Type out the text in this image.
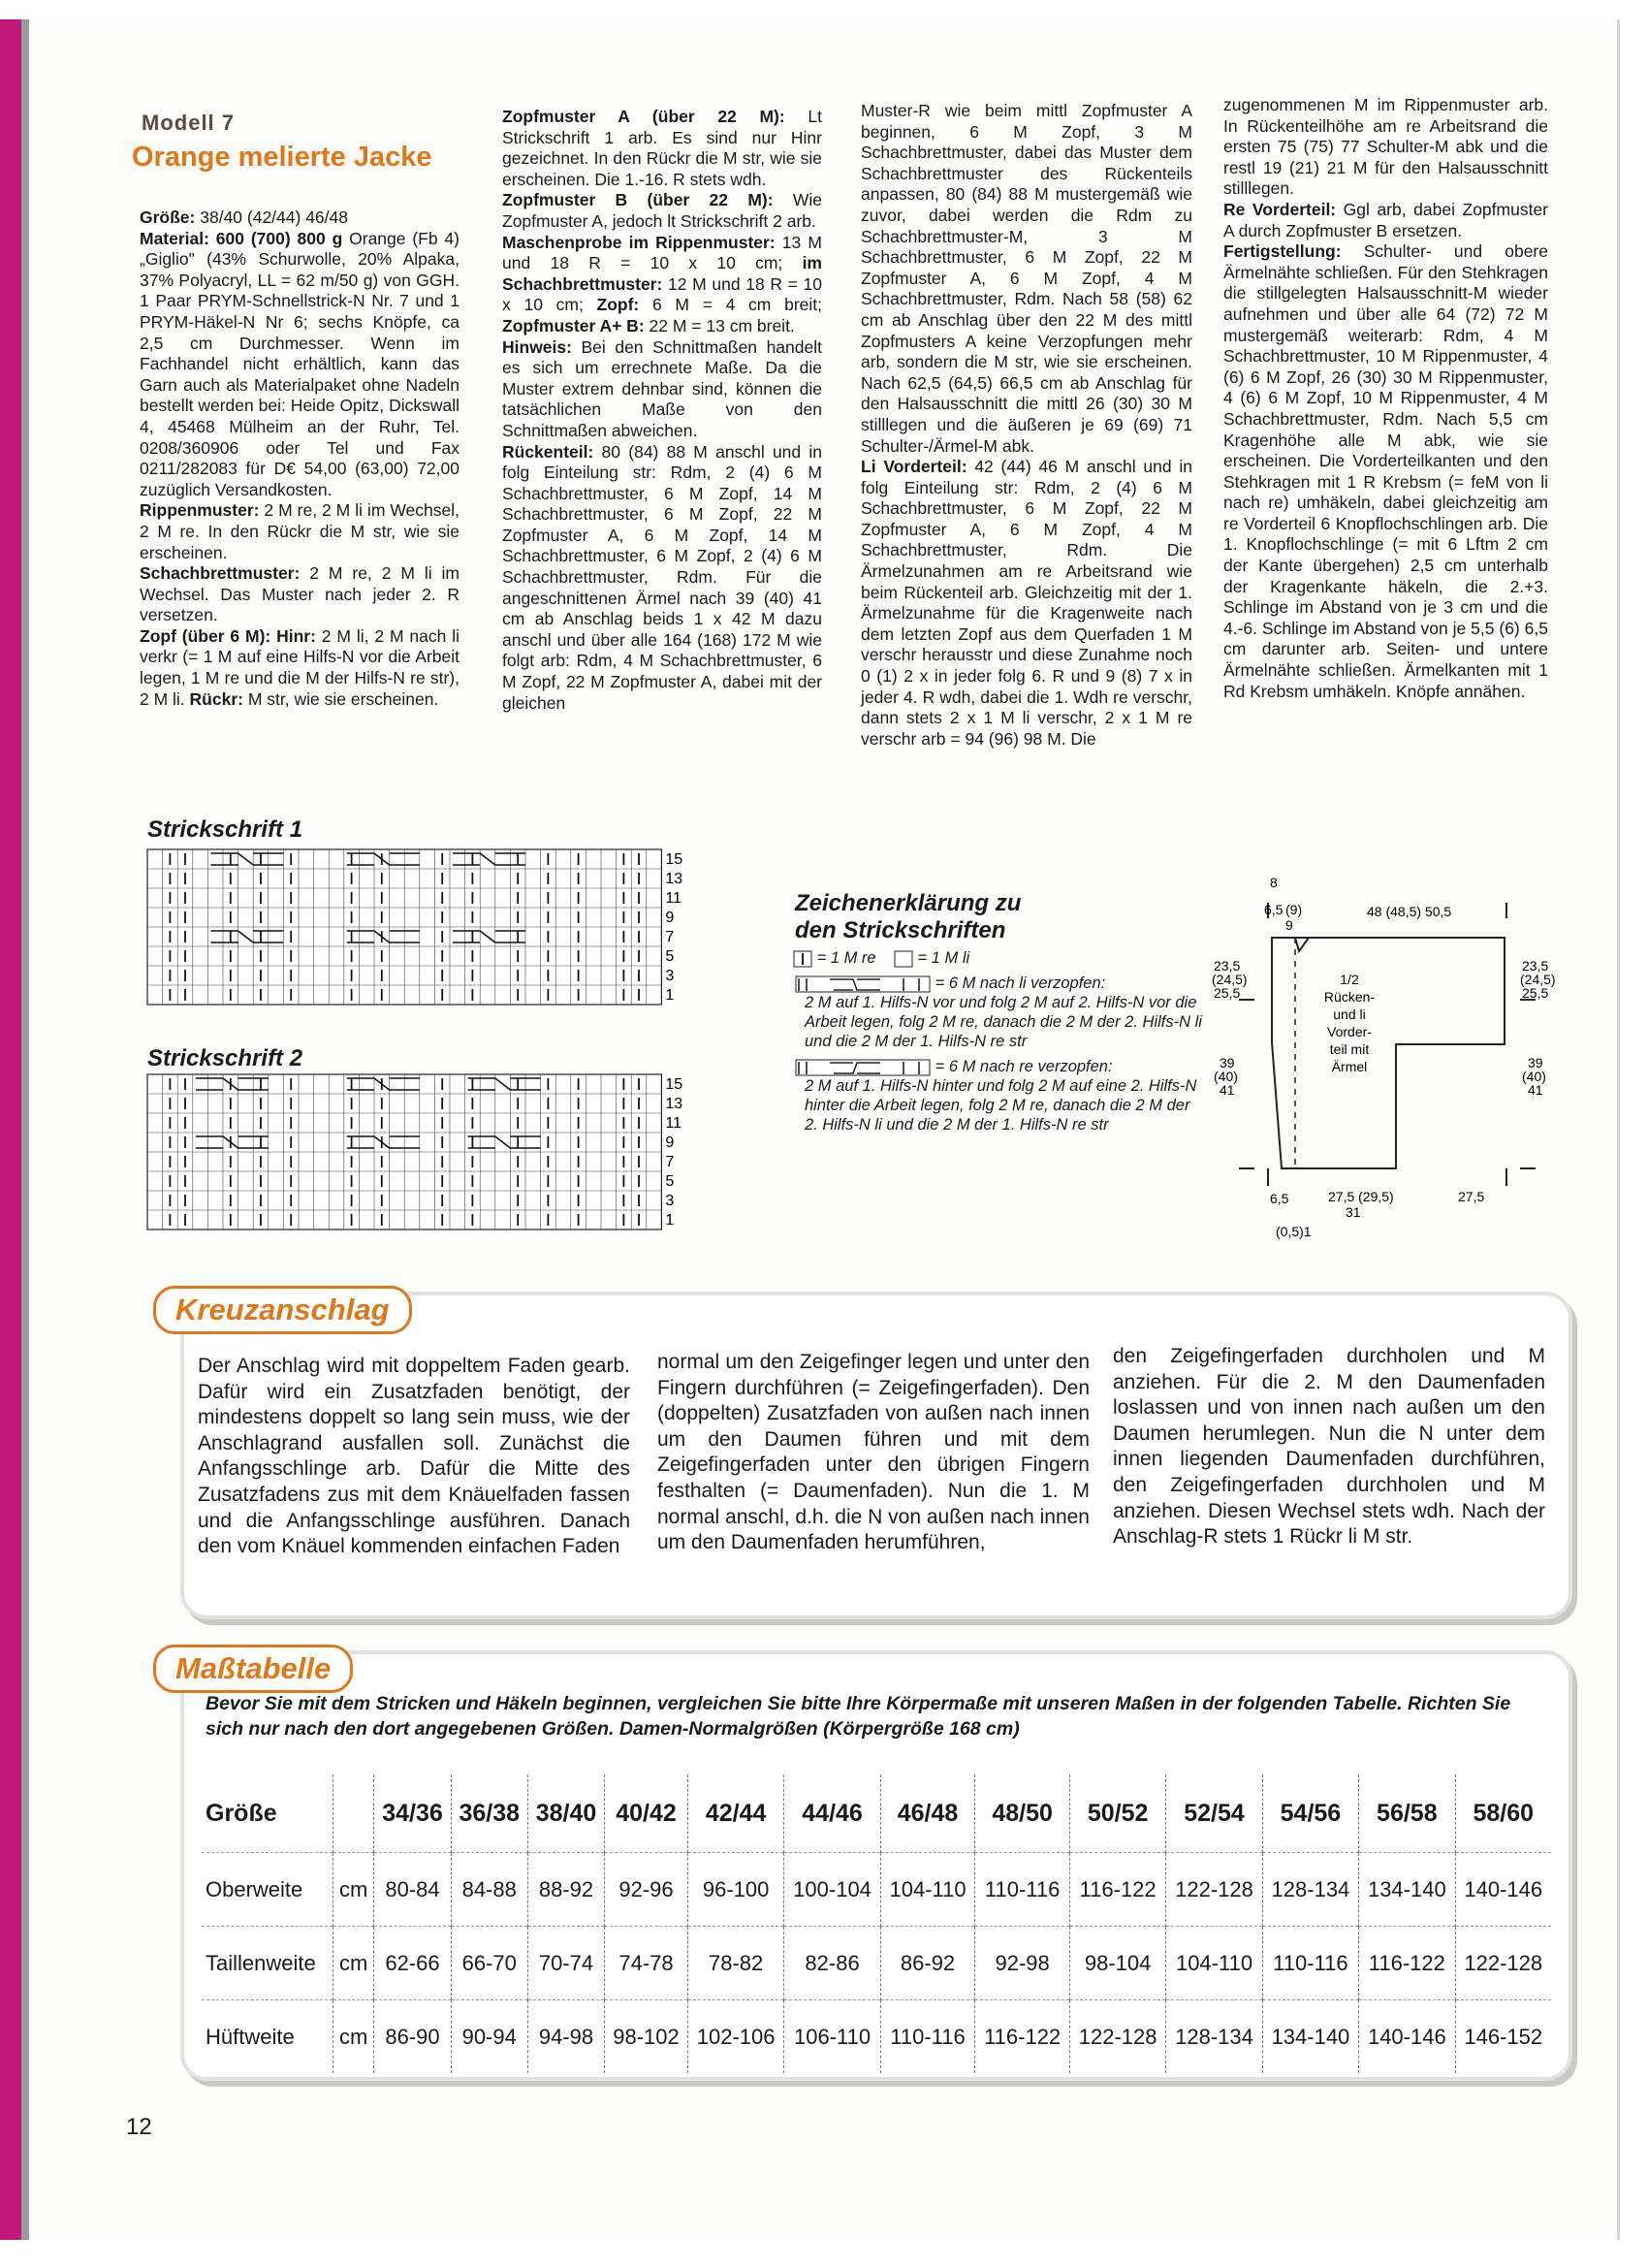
Modell 7
Orange melierte Jacke

Größe: 38/40 (42/44) 46/48

Material: 600 (700) 800 g Orange (Fb 4) „Giglio" (43% Schurwolle, 20% Alpaka, 37% Polyacryl, LL = 62 m/50 g) von GGH. 1 Paar PRYM-Schnellstrick-N Nr. 7 und 1 PRYM-Häkel-N Nr 6; sechs Knöpfe, ca 2,5 cm Durchmesser. Wenn im Fachhandel nicht erhältlich, kann das Garn auch als Materialpaket ohne Nadeln bestellt werden bei: Heide Opitz, Dickswall 4, 45468 Mülheim an der Ruhr, Tel. 0208/360906 oder Tel und Fax 0211/282083 für D€ 54,00 (63,00) 72,00 zuzüglich Versandkosten.

Rippenmuster: 2 M re, 2 M li im Wechsel, 2 M re. In den Rückr die M str, wie sie erscheinen.

Schachbrettmuster: 2 M re, 2 M li im Wechsel. Das Muster nach jeder 2. R versetzen.

Zopf (über 6 M): Hinr: 2 M li, 2 M nach li verkr (= 1 M auf eine Hilfs-N vor die Arbeit legen, 1 M re und die M der Hilfs-N re str), 2 M li. Rückr: M str, wie sie erscheinen.

Zopfmuster A (über 22 M): Lt Strickschrift 1 arb. Es sind nur Hinr gezeichnet. In den Rückr die M str, wie sie erscheinen. Die 1.-16. R stets wdh.

Zopfmuster B (über 22 M): Wie Zopfmuster A, jedoch lt Strickschrift 2 arb.

Maschenprobe im Rippenmuster: 13 M und 18 R = 10 x 10 cm; im Schachbrettmuster: 12 M und 18 R = 10 x 10 cm; Zopf: 6 M = 4 cm breit; Zopfmuster A+ B: 22 M = 13 cm breit.

Hinweis: Bei den Schnittmaßen handelt es sich um errechnete Maße. Da die Muster extrem dehnbar sind, können die tatsächlichen Maße von den Schnittmaßen abweichen.

Rückenteil: 80 (84) 88 M anschl und in folg Einteilung str: Rdm, 2 (4) 6 M Schachbrettmuster, 6 M Zopf, 14 M Schachbrettmuster, 6 M Zopf, 22 M Zopfmuster A, 6 M Zopf, 14 M Schachbrettmuster, 6 M Zopf, 2 (4) 6 M Schachbrettmuster, Rdm. Für die angeschnittenen Ärmel nach 39 (40) 41 cm ab Anschlag beids 1 x 42 M dazu anschl und über alle 164 (168) 172 M wie folgt arb: Rdm, 4 M Schachbrettmuster, 6 M Zopf, 22 M Zopfmuster A, dabei mit der gleichen

Muster-R wie beim mittl Zopfmuster A beginnen, 6 M Zopf, 3 M Schachbrettmuster, dabei das Muster dem Schachbrettmuster des Rückenteils anpassen, 80 (84) 88 M mustergemäß wie zuvor, dabei werden die Rdm zu Schachbrettmuster-M, 3 M Schachbrettmuster, 6 M Zopf, 22 M Zopfmuster A, 6 M Zopf, 4 M Schachbrettmuster, Rdm. Nach 58 (58) 62 cm ab Anschlag über den 22 M des mittl Zopfmusters A keine Verzopfungen mehr arb, sondern die M str, wie sie erscheinen. Nach 62,5 (64,5) 66,5 cm ab Anschlag für den Halsausschnitt die mittl 26 (30) 30 M stilllegen und die äußeren je 69 (69) 71 Schulter-/Ärmel-M abk.

Li Vorderteil: 42 (44) 46 M anschl und in folg Einteilung str: Rdm, 2 (4) 6 M Schachbrettmuster, 6 M Zopf, 22 M Zopfmuster A, 6 M Zopf, 4 M Schachbrettmuster, Rdm. Die Ärmelzunahmen am re Arbeitsrand wie beim Rückenteil arb. Gleichzeitig mit der 1. Ärmelzunahme für die Kragenweite nach dem letzten Zopf aus dem Querfaden 1 M verschr herausstr und diese Zunahme noch 0 (1) 2 x in jeder folg 6. R und 9 (8) 7 x in jeder 4. R wdh, dabei die 1. Wdh re verschr, dann stets 2 x 1 M li verschr, 2 x 1 M re verschr arb = 94 (96) 98 M. Die

zugenommenen M im Rippenmuster arb. In Rückenteilhöhe am re Arbeitsrand die ersten 75 (75) 77 Schulter-M abk und die restl 19 (21) 21 M für den Halsausschnitt stilllegen.

Re Vorderteil: Ggl arb, dabei Zopfmuster A durch Zopfmuster B ersetzen.

Fertigstellung: Schulter- und obere Ärmelnähte schließen. Für den Stehkragen die stillgelegten Halsausschnitt-M wieder aufnehmen und über alle 64 (72) 72 M mustergemäß weiterarb: Rdm, 4 M Schachbrettmuster, 10 M Rippenmuster, 4 (6) 6 M Zopf, 26 (30) 30 M Rippenmuster, 4 (6) 6 M Zopf, 10 M Rippenmuster, 4 M Schachbrettmuster, Rdm. Nach 5,5 cm Kragenhöhe alle M abk, wie sie erscheinen. Die Vorderteilkanten und den Stehkragen mit 1 R Krebsm (= feM von li nach re) umhäkeln, dabei gleichzeitig am re Vorderteil 6 Knopflochschlingen arb. Die 1. Knopflochschlinge (= mit 6 Lftm 2 cm der Kante übergehen) 2,5 cm unterhalb der Kragenkante häkeln, die 2.+3. Schlinge im Abstand von je 3 cm und die 4.-6. Schlinge im Abstand von je 5,5 (6) 6,5 cm darunter arb. Seiten- und untere Ärmelnähte schließen. Ärmelkanten mit 1 Rd Krebsm umhäkeln. Knöpfe annähen.

Strickschrift 1
15
13
11
9
7
5
3
1
Strickschrift 2
15
13
11
9
7
5
3
1
Zeichenerklärung zu
den Strickschriften
= 1 M re	= 1 M li
= 6 M nach li verzopfen:
2 M auf 1. Hilfs-N vor und folg 2 M auf 2. Hilfs-N vor die Arbeit legen, folg 2 M re, danach die 2 M der 2. Hilfs-N li und die 2 M der 1. Hilfs-N re str
= 6 M nach re verzopfen:
2 M auf 1. Hilfs-N hinter und folg 2 M auf eine 2. Hilfs-N hinter die Arbeit legen, folg 2 M re, danach die 2 M der 2. Hilfs-N li und die 2 M der 1. Hilfs-N re str
8
6,5 (9)
9
48 (48,5) 50,5
23,5
(24,5)
25,5
39
(40)
41
23,5
(24,5)
25,5
39
(40)
41
1/2
Rücken-
und li
Vorder-
teil mit
Ärmel
6,5	27,5 (29,5)
31
27,5
(0,5)1
Kreuzanschlag
Der Anschlag wird mit doppeltem Faden gearb. Dafür wird ein Zusatzfaden benötigt, der mindestens doppelt so lang sein muss, wie der Anschlagrand ausfallen soll. Zunächst die Anfangsschlinge arb. Dafür die Mitte des Zusatzfadens zus mit dem Knäuelfaden fassen und die Anfangsschlinge ausführen. Danach den vom Knäuel kommenden einfachen Faden
normal um den Zeigefinger legen und unter den Fingern durchführen (= Zeigefingerfaden). Den (doppelten) Zusatzfaden von außen nach innen um den Daumen führen und mit dem Zeigefingerfaden unter den übrigen Fingern festhalten (= Daumenfaden). Nun die 1. M normal anschl, d.h. die N von außen nach innen um den Daumenfaden herumführen,
den Zeigefingerfaden durchholen und M anziehen. Für die 2. M den Daumenfaden loslassen und von innen nach außen um den Daumen herumlegen. Nun die N unter dem innen liegenden Daumenfaden durchführen, den Zeigefingerfaden durchholen und M anziehen. Diesen Wechsel stets wdh. Nach der Anschlag-R stets 1 Rückr li M str.
Maßtabelle
Bevor Sie mit dem Stricken und Häkeln beginnen, vergleichen Sie bitte Ihre Körpermaße mit unseren Maßen in der folgenden Tabelle. Richten Sie sich nur nach den dort angegebenen Größen. Damen-Normalgrößen (Körpergröße 168 cm)
Größe		34/36	36/38	38/40	40/42	42/44	44/46	46/48	48/50	50/52	52/54	54/56	56/58	58/60
Oberweite	cm	80-84	84-88	88-92	92-96	96-100	100-104	104-110	110-116	116-122	122-128	128-134	134-140	140-146
Taillenweite	cm	62-66	66-70	70-74	74-78	78-82	82-86	86-92	92-98	98-104	104-110	110-116	116-122	122-128
Hüftweite	cm	86-90	90-94	94-98	98-102	102-106	106-110	110-116	116-122	122-128	128-134	134-140	140-146	146-152
12
